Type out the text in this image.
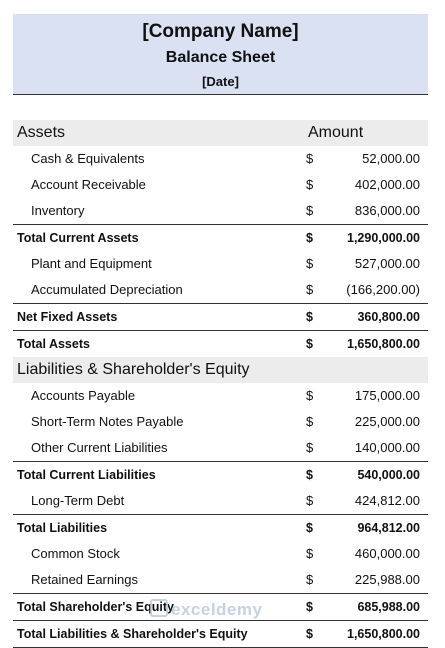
[Company Name]
Balance Sheet
[Date]
Assets	Amount
Cash & Equivalents	$	52,000.00
Account Receivable	$	402,000.00
Inventory	$	836,000.00
Total Current Assets	$	1,290,000.00
Plant and Equipment	$	527,000.00
Accumulated Depreciation	$	(166,200.00)
Net Fixed Assets	$	360,800.00
Total Assets	$	1,650,800.00
Liabilities & Shareholder's Equity
Accounts Payable	$	175,000.00
Short-Term Notes Payable	$	225,000.00
Other Current Liabilities	$	140,000.00
Total Current Liabilities	$	540,000.00
Long-Term Debt	$	424,812.00
Total Liabilities	$	964,812.00
Common Stock	$	460,000.00
Retained Earnings	$	225,988.00
Total Shareholder's Equity	$	685,988.00
Total Liabilities & Shareholder's Equity	$	1,650,800.00
exceldemy
